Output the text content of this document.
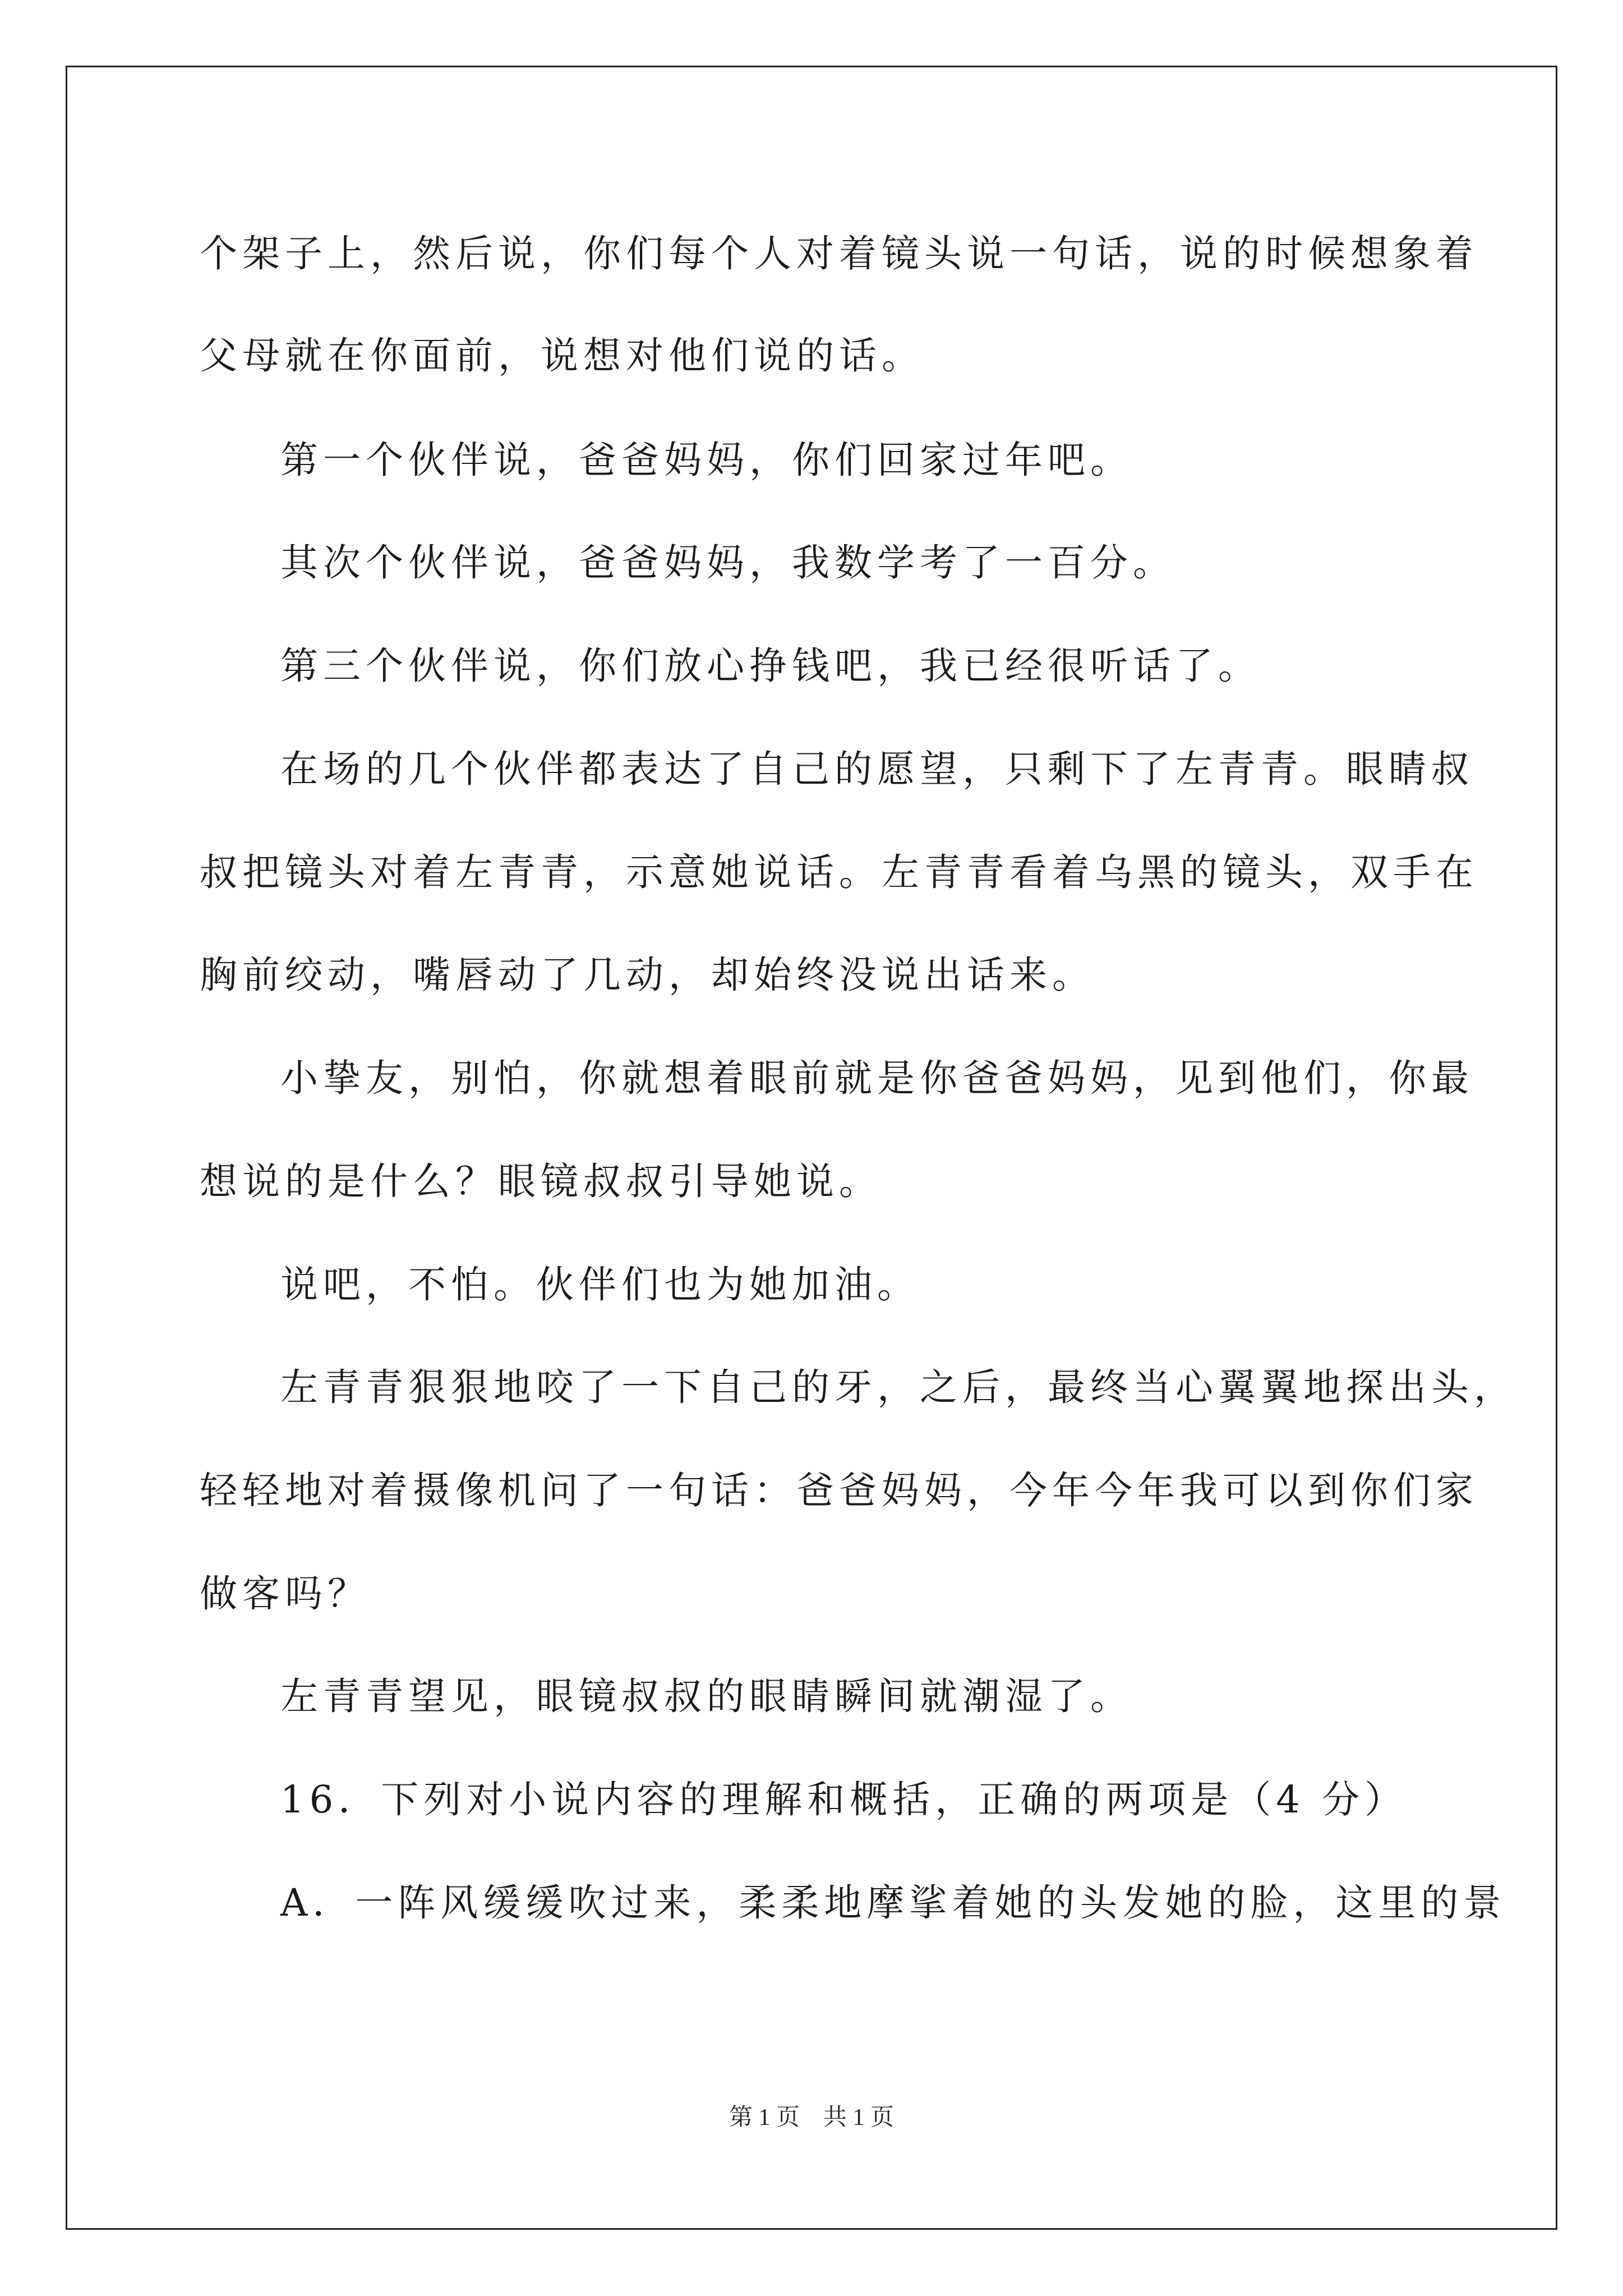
个架子上，然后说，你们每个人对着镜头说一句话，说的时候想象着
父母就在你面前，说想对他们说的话。
第一个伙伴说，爸爸妈妈，你们回家过年吧。
其次个伙伴说，爸爸妈妈，我数学考了一百分。
第三个伙伴说，你们放心挣钱吧，我已经很听话了。
在场的几个伙伴都表达了自己的愿望，只剩下了左青青。眼睛叔
叔把镜头对着左青青，示意她说话。左青青看着乌黑的镜头，双手在
胸前绞动，嘴唇动了几动，却始终没说出话来。
小挚友，别怕，你就想着眼前就是你爸爸妈妈，见到他们，你最
想说的是什么？眼镜叔叔引导她说。
说吧，不怕。伙伴们也为她加油。
左青青狠狠地咬了一下自己的牙，之后，最终当心翼翼地探出头，
轻轻地对着摄像机问了一句话：爸爸妈妈，今年今年我可以到你们家
做客吗？
左青青望见，眼镜叔叔的眼睛瞬间就潮湿了。
16．下列对小说内容的理解和概括，正确的两项是（4 分）
A．一阵风缓缓吹过来，柔柔地摩挲着她的头发她的脸，这里的景
第 1 页　共 1 页
